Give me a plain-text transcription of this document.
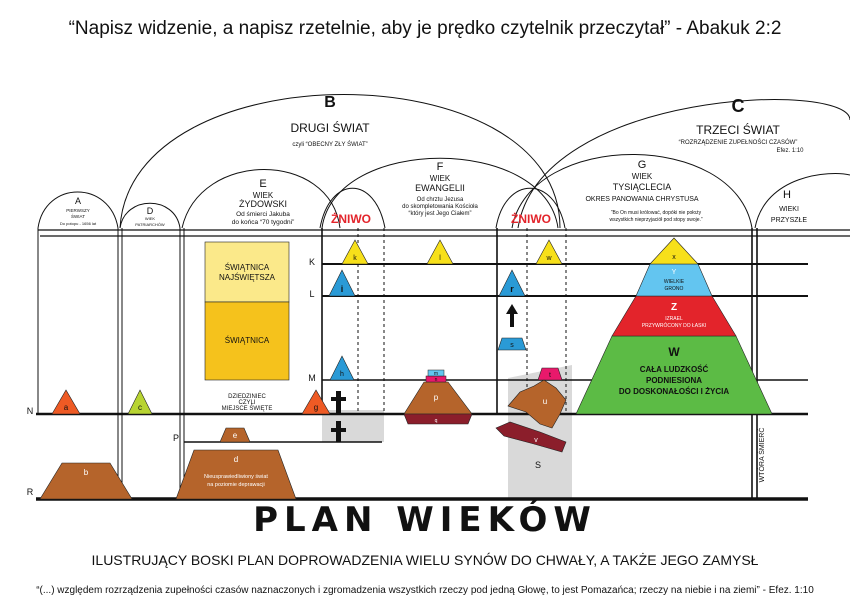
“Napisz widzenie, a napisz rzetelnie, aby je prędko czytelnik przeczytał” - Abakuk 2:2
B
DRUGI ŚWIAT
czyli “OBECNY ZŁY ŚWIAT”
C
TRZECI ŚWIAT
“ROZRZĄDZENIE ZUPEŁNOŚCI CZASÓW”
Efez. 1:10
A
PIERWSZY
ŚWIAT
Do potopu - 1656 lat
D
WIEK
PATRIARCHÓW
E
WIEK
ŻYDOWSKI
Od śmierci Jakuba
do końca “70 tygodni”
F
WIEK
EWANGELII
Od chrztu Jezusa
do skompletowania Kościoła
“który jest Jego Ciałem”
G
WIEK
TYSIĄCLECIA
OKRES PANOWANIA CHRYSTUSA
“Bo On musi królować, dopóki nie położy
wszystkich nieprzyjaciół pod stopy swoje.”
H
WIEKI
PRZYSZŁE
ŻNIWO	ŻNIWO
K
L
M
N
P
R
ŚWIĄTNICA
NAJŚWIĘTSZA
ŚWIĄTNICA
DZIEDZINIEC
CZYLI
MIEJSCE ŚWIĘTE
a	c	g
e
b
d
Nieusprawiedliwiony świat
na poziomie deprawacji
h
i
k	l
m
n
p
q
r
s
w
t
u
v
S
x
Y
WIELKIE
GRONO
Z
IZRAEL
PRZYWRÓCONY DO ŁASKI
W
CAŁA LUDZKOŚĆ
PODNIESIONA
DO DOSKONAŁOŚCI I ŻYCIA
WTÓRA ŚMIERĆ
PLAN WIEKÓW
ILUSTRUJĄCY BOSKI PLAN DOPROWADZENIA WIELU SYNÓW DO CHWAŁY, A TAKŻE JEGO ZAMYSŁ
“(...) względem rozrządzenia zupełności czasów naznaczonych i zgromadzenia wszystkich rzeczy pod jedną Głowę, to jest Pomazańca; rzeczy na niebie i na ziemi” - Efez. 1:10
